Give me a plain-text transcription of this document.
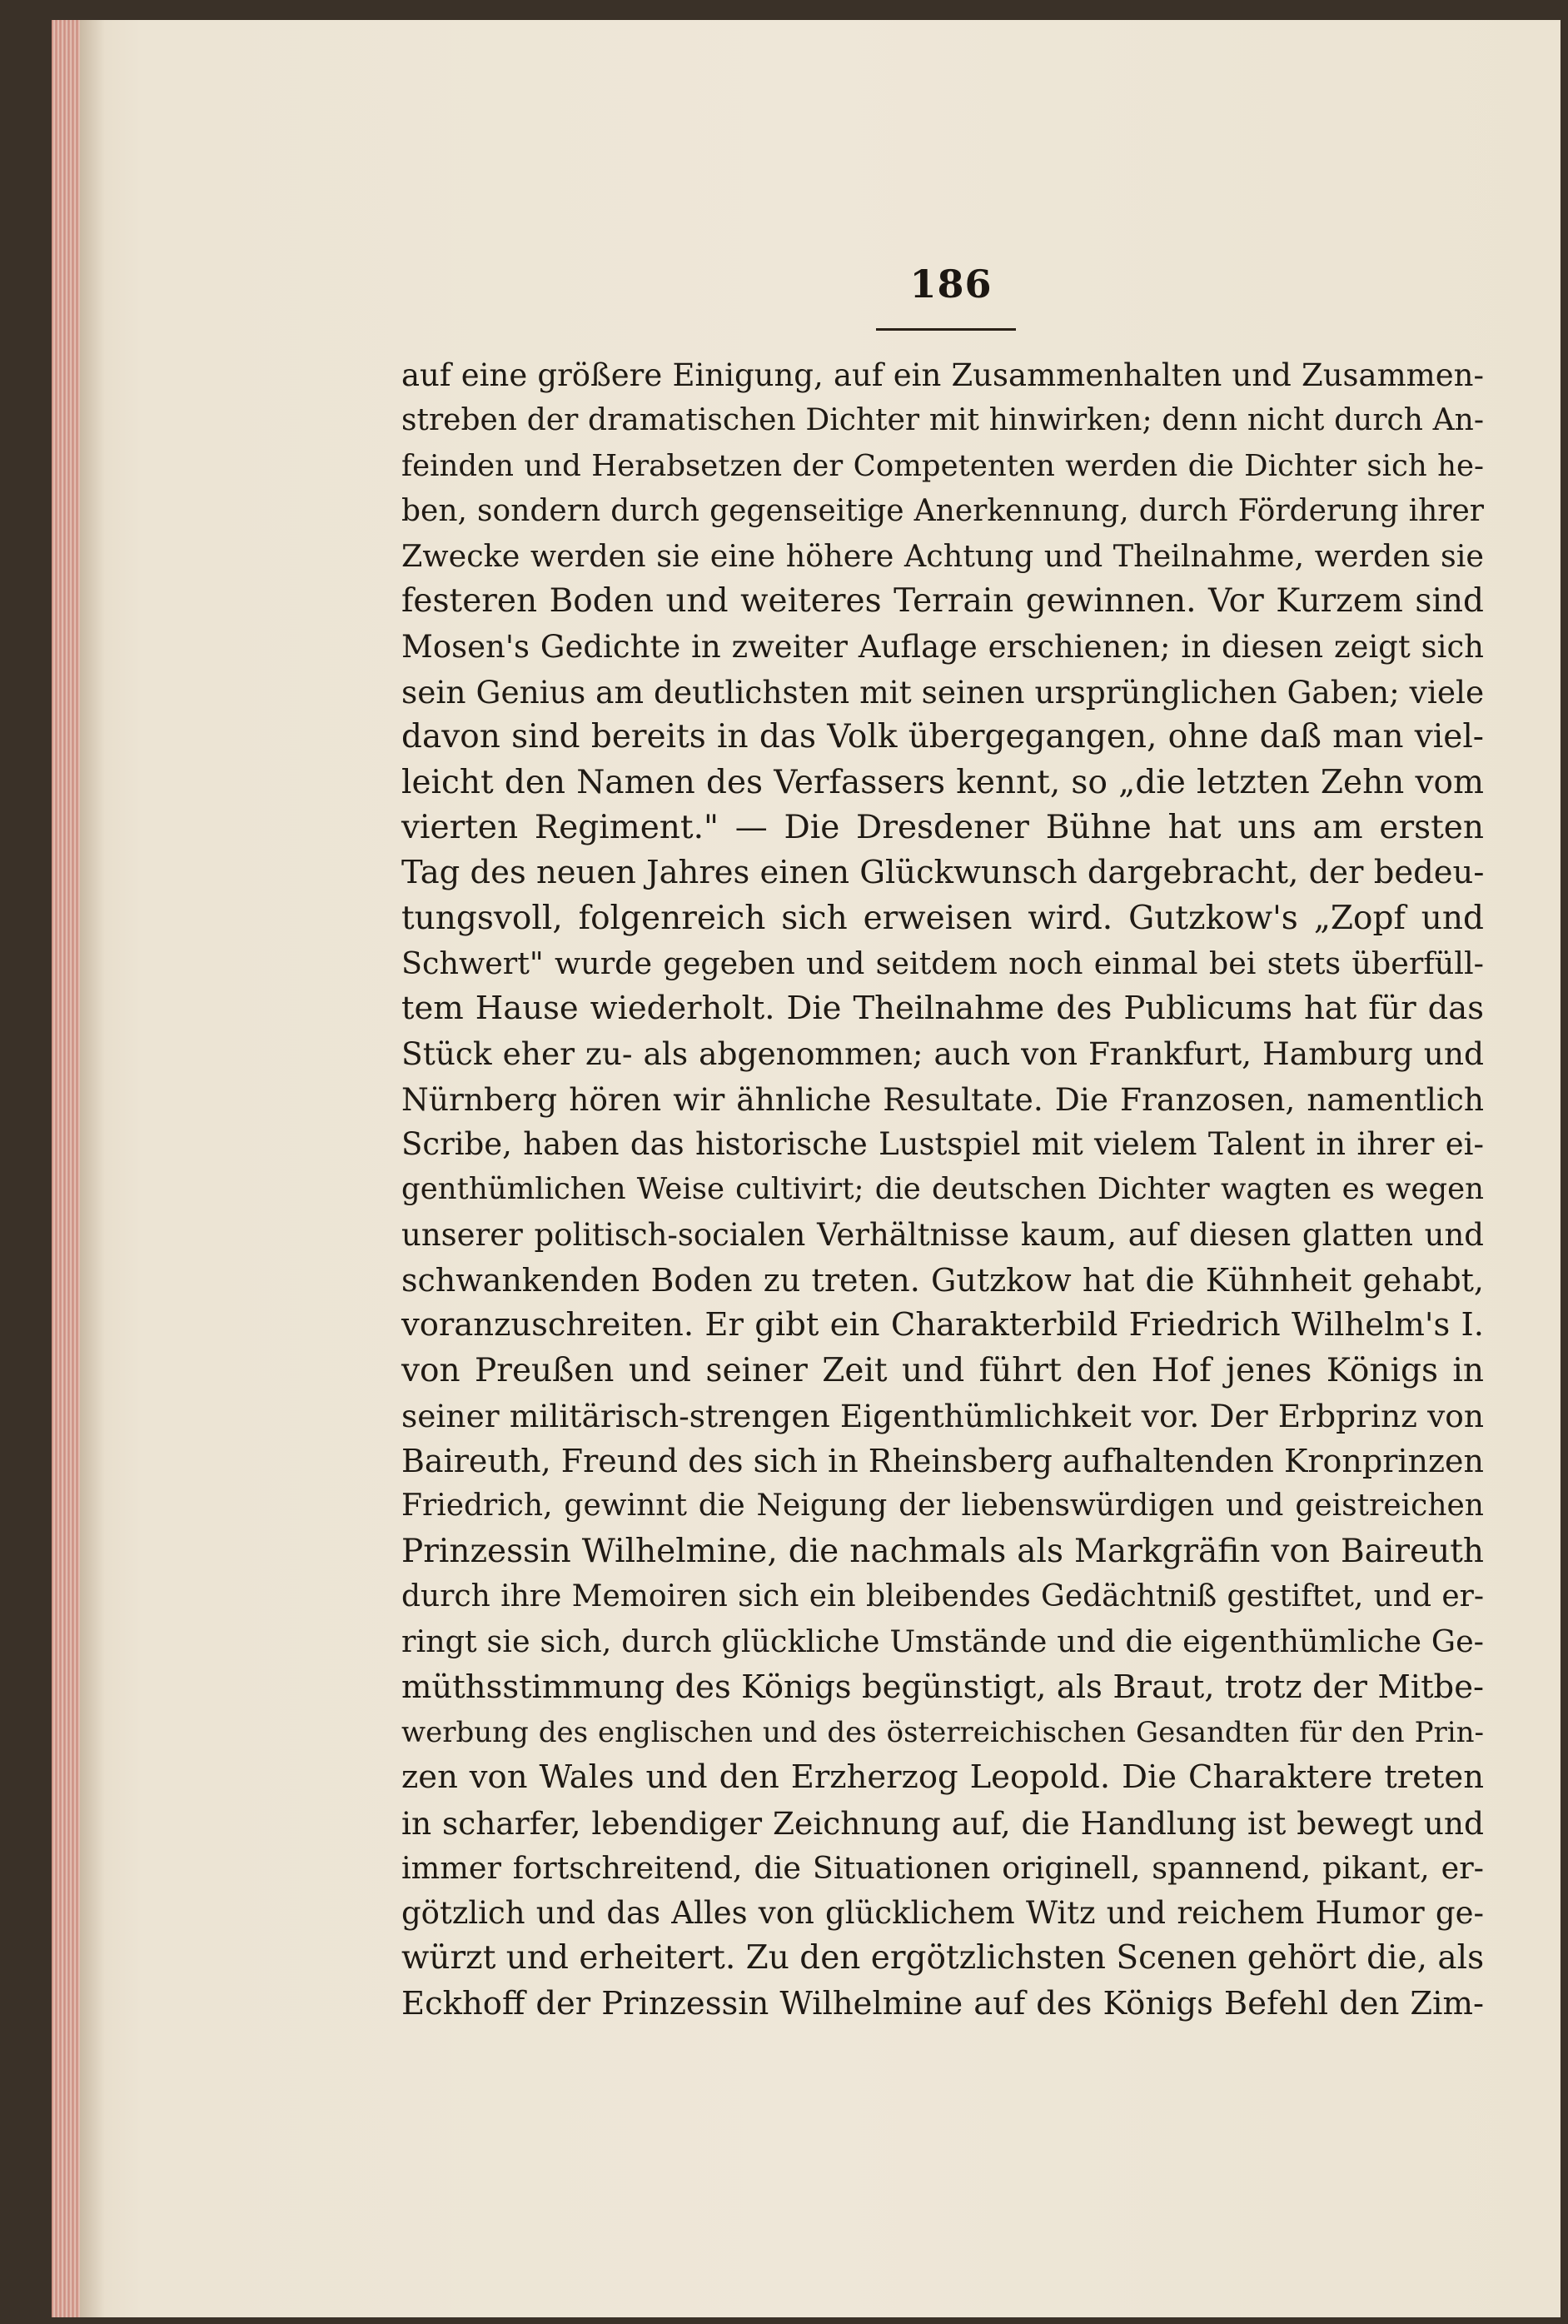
186
auf eine größere Einigung, auf ein Zusammenhalten und Zusammen-
streben der dramatischen Dichter mit hinwirken; denn nicht durch An-
feinden und Herabsetzen der Competenten werden die Dichter sich he-
ben, sondern durch gegenseitige Anerkennung, durch Förderung ihrer
Zwecke werden sie eine höhere Achtung und Theilnahme, werden sie
festeren Boden und weiteres Terrain gewinnen. Vor Kurzem sind
Mosen's Gedichte in zweiter Auflage erschienen; in diesen zeigt sich
sein Genius am deutlichsten mit seinen ursprünglichen Gaben; viele
davon sind bereits in das Volk übergegangen, ohne daß man viel-
leicht den Namen des Verfassers kennt, so „die letzten Zehn vom
vierten Regiment." — Die Dresdener Bühne hat uns am ersten
Tag des neuen Jahres einen Glückwunsch dargebracht, der bedeu-
tungsvoll, folgenreich sich erweisen wird. Gutzkow's „Zopf und
Schwert" wurde gegeben und seitdem noch einmal bei stets überfüll-
tem Hause wiederholt. Die Theilnahme des Publicums hat für das
Stück eher zu- als abgenommen; auch von Frankfurt, Hamburg und
Nürnberg hören wir ähnliche Resultate. Die Franzosen, namentlich
Scribe, haben das historische Lustspiel mit vielem Talent in ihrer ei-
genthümlichen Weise cultivirt; die deutschen Dichter wagten es wegen
unserer politisch-socialen Verhältnisse kaum, auf diesen glatten und
schwankenden Boden zu treten. Gutzkow hat die Kühnheit gehabt,
voranzuschreiten. Er gibt ein Charakterbild Friedrich Wilhelm's I.
von Preußen und seiner Zeit und führt den Hof jenes Königs in
seiner militärisch-strengen Eigenthümlichkeit vor. Der Erbprinz von
Baireuth, Freund des sich in Rheinsberg aufhaltenden Kronprinzen
Friedrich, gewinnt die Neigung der liebenswürdigen und geistreichen
Prinzessin Wilhelmine, die nachmals als Markgräfin von Baireuth
durch ihre Memoiren sich ein bleibendes Gedächtniß gestiftet, und er-
ringt sie sich, durch glückliche Umstände und die eigenthümliche Ge-
müthsstimmung des Königs begünstigt, als Braut, trotz der Mitbe-
werbung des englischen und des österreichischen Gesandten für den Prin-
zen von Wales und den Erzherzog Leopold. Die Charaktere treten
in scharfer, lebendiger Zeichnung auf, die Handlung ist bewegt und
immer fortschreitend, die Situationen originell, spannend, pikant, er-
götzlich und das Alles von glücklichem Witz und reichem Humor ge-
würzt und erheitert. Zu den ergötzlichsten Scenen gehört die, als
Eckhoff der Prinzessin Wilhelmine auf des Königs Befehl den Zim-
